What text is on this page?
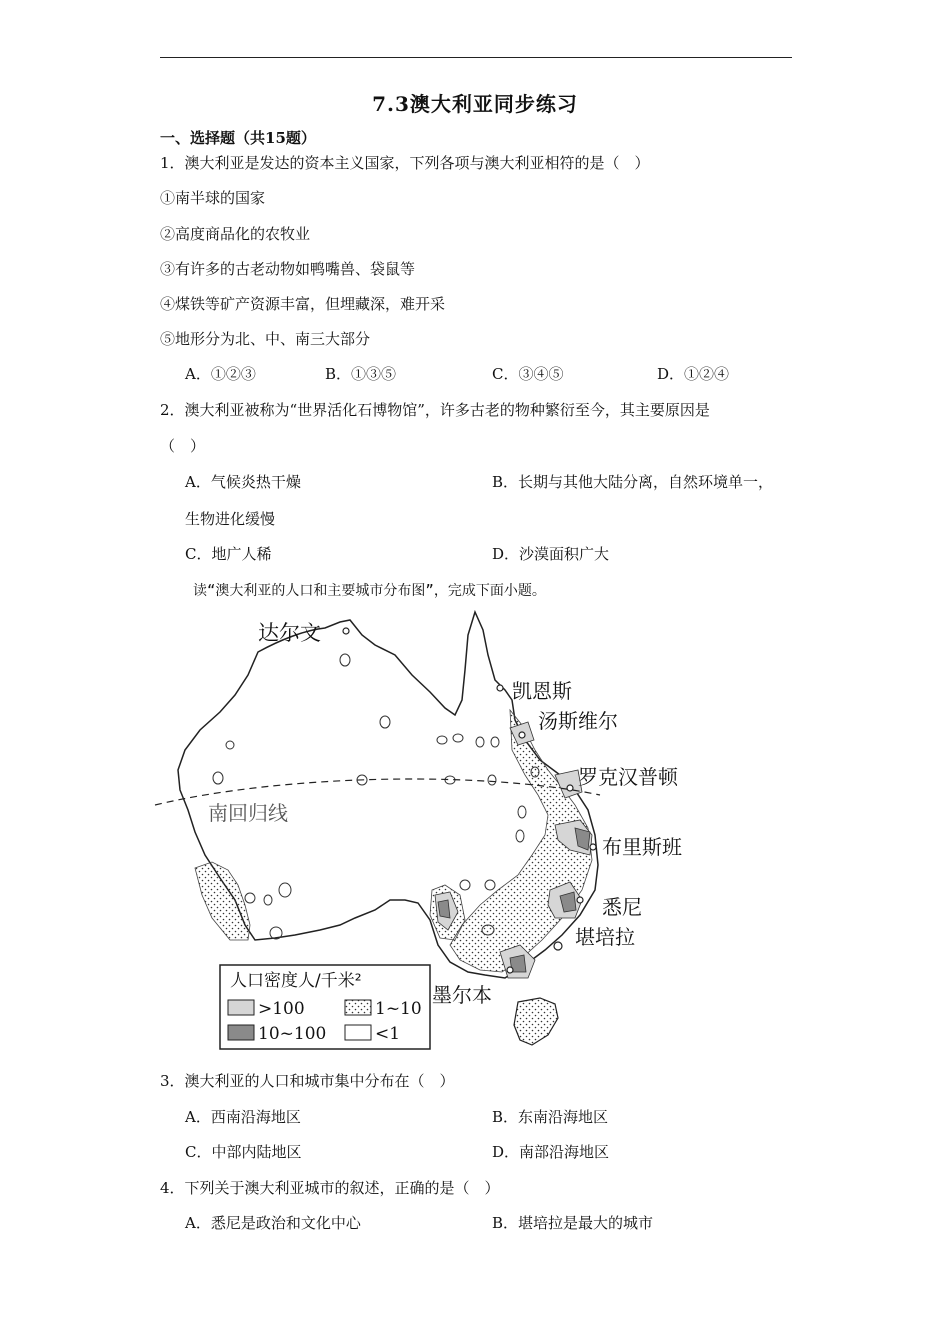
7.3澳大利亚同步练习
一、选择题（共15题）
1．澳大利亚是发达的资本主义国家，下列各项与澳大利亚相符的是（　）
①南半球的国家
②高度商品化的农牧业
③有许多的古老动物如鸭嘴兽、袋鼠等
④煤铁等矿产资源丰富，但埋藏深，难开采
⑤地形分为北、中、南三大部分
A．①②③	B．①③⑤	C．③④⑤	D．①②④
2．澳大利亚被称为“世界活化石博物馆”，许多古老的物种繁衍至今，其主要原因是
（　）
A．气候炎热干燥	B．长期与其他大陆分离，自然环境单一，
生物进化缓慢
C．地广人稀	D．沙漠面积广大
读“澳大利亚的人口和主要城市分布图”，完成下面小题。
南回归线
达尔文
凯恩斯
汤斯维尔
罗克汉普顿
布里斯班
悉尼
堪培拉
墨尔本
人口密度人/千米²
>100	1~10
10~100	<1
3．澳大利亚的人口和城市集中分布在（　）
A．西南沿海地区	B．东南沿海地区
C．中部内陆地区	D．南部沿海地区
4．下列关于澳大利亚城市的叙述，正确的是（　）
A．悉尼是政治和文化中心	B．堪培拉是最大的城市
